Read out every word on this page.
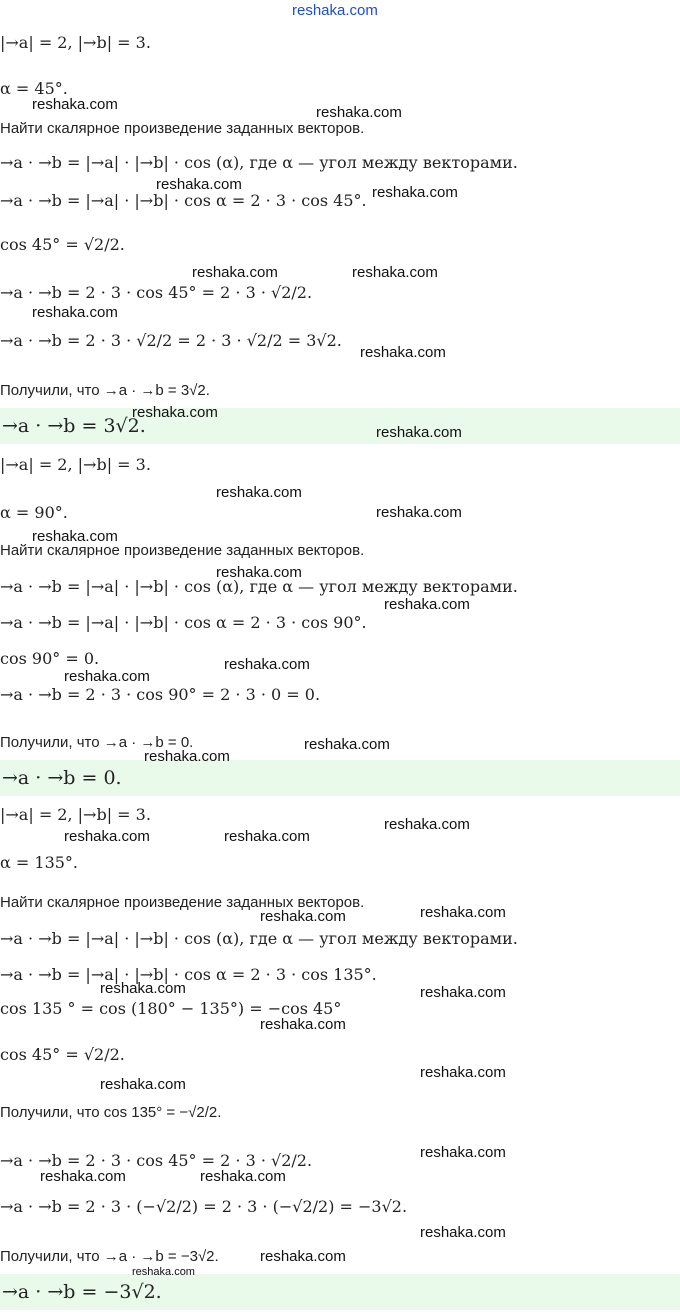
reshaka.com
|→a| = 2, |→b| = 3.
α = 45°.
Найти скалярное произведение заданных векторов.
→a · →b = |→a| · |→b| · cos (α), где α — угол между векторами.
→a · →b = |→a| · |→b| · cos α = 2 · 3 · cos 45°.
cos 45° = √2/2.
→a · →b = 2 · 3 · cos 45° = 2 · 3 · √2/2.
→a · →b = 2 · 3 · √2/2 = 2 · 3 · √2/2 = 3√2.
Получили, что →a · →b = 3√2.
→a · →b = 3√2.
|→a| = 2, |→b| = 3.
α = 90°.
Найти скалярное произведение заданных векторов.
→a · →b = |→a| · |→b| · cos (α), где α — угол между векторами.
→a · →b = |→a| · |→b| · cos α = 2 · 3 · cos 90°.
cos 90° = 0.
→a · →b = 2 · 3 · cos 90° = 2 · 3 · 0 = 0.
Получили, что →a · →b = 0.
→a · →b = 0.
|→a| = 2, |→b| = 3.
α = 135°.
Найти скалярное произведение заданных векторов.
→a · →b = |→a| · |→b| · cos (α), где α — угол между векторами.
→a · →b = |→a| · |→b| · cos α = 2 · 3 · cos 135°.
cos 135 ° = cos (180° − 135°) = −cos 45°
cos 45° = √2/2.
Получили, что cos 135° = −√2/2.
→a · →b = 2 · 3 · cos 45° = 2 · 3 · √2/2.
→a · →b = 2 · 3 · (−√2/2) = 2 · 3 · (−√2/2) = −3√2.
Получили, что →a · →b = −3√2.
→a · →b = −3√2.
reshaka.com	reshaka.com
reshaka.com	reshaka.com
reshaka.com	reshaka.com
reshaka.com
reshaka.com
reshaka.com
reshaka.com
reshaka.com
reshaka.com
reshaka.com
reshaka.com
reshaka.com
reshaka.com
reshaka.com
reshaka.com
reshaka.com
reshaka.com
reshaka.com	reshaka.com
reshaka.com
reshaka.com
reshaka.com	reshaka.com
reshaka.com
reshaka.com
reshaka.com
reshaka.com
reshaka.com	reshaka.com
reshaka.com
reshaka.com
reshaka.com
